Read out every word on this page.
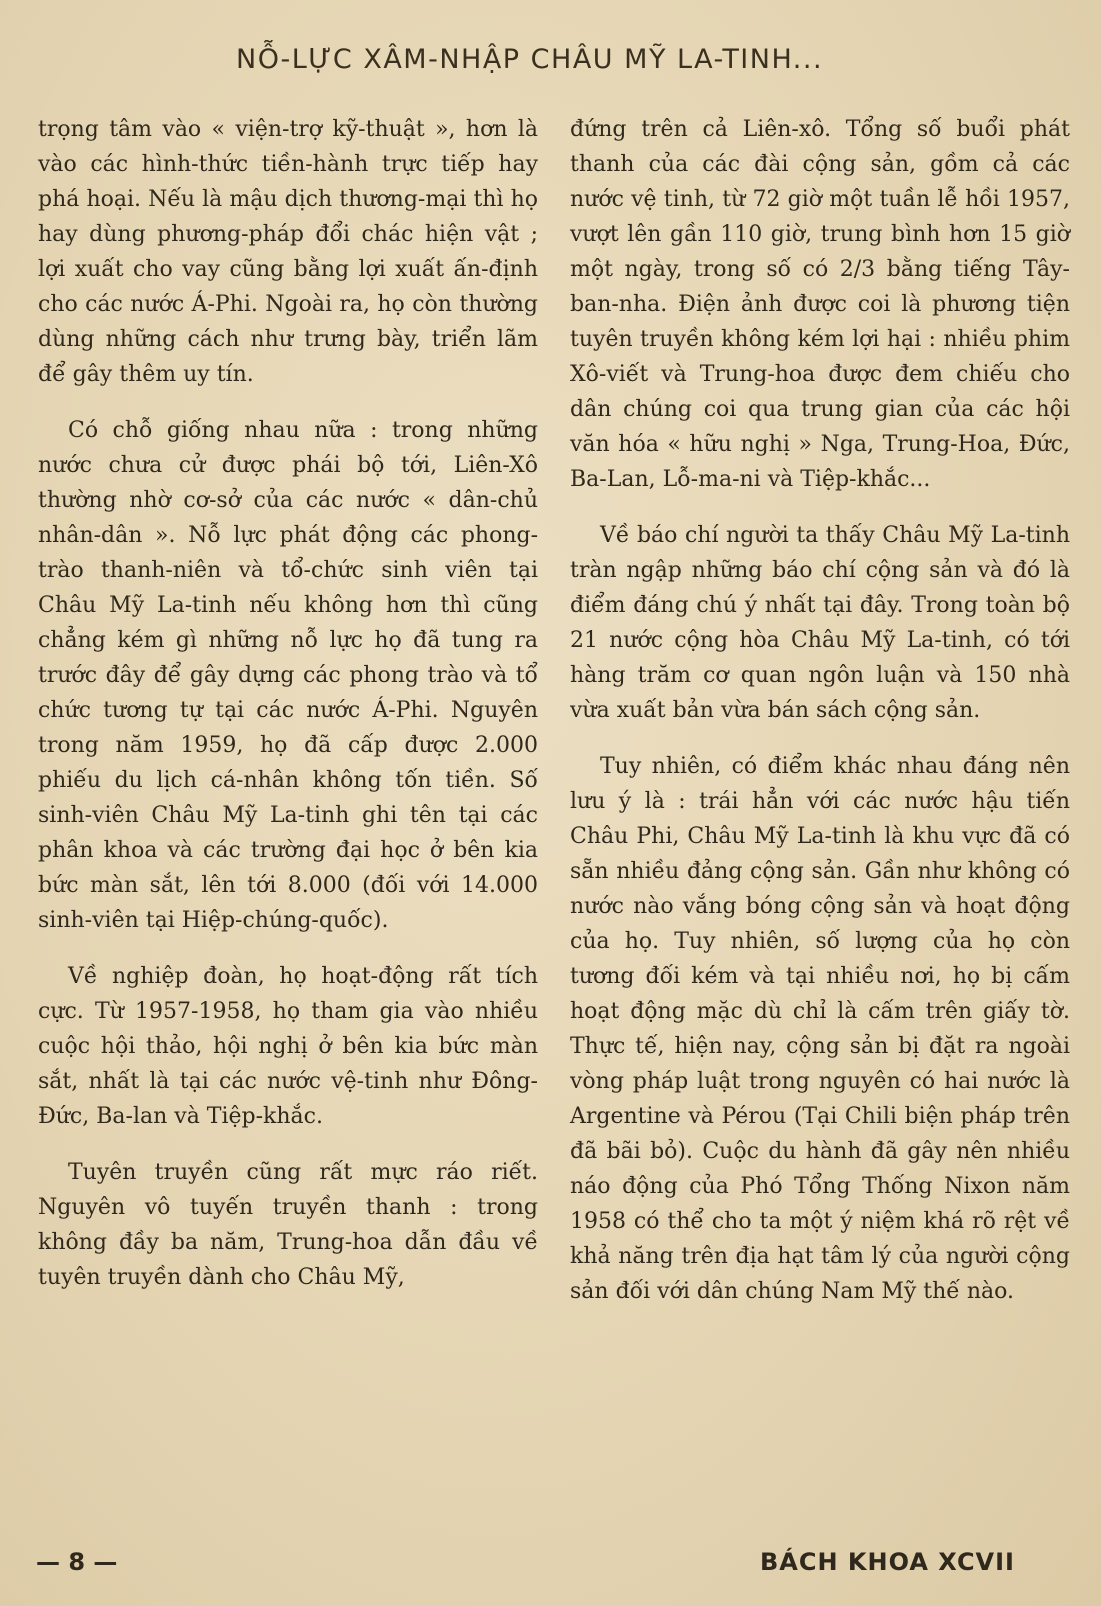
NỖ-LỰC XÂM-NHẬP CHÂU MỸ LA-TINH...

trọng tâm vào « viện-trợ kỹ-thuật », hơn là vào các hình-thức tiền-hành trực tiếp hay phá hoại. Nếu là mậu dịch thương-mại thì họ hay dùng phương-pháp đổi chác hiện vật ; lợi xuất cho vay cũng bằng lợi xuất ấn-định cho các nước Á-Phi. Ngoài ra, họ còn thường dùng những cách như trưng bày, triển lãm để gây thêm uy tín.

Có chỗ giống nhau nữa : trong những nước chưa cử được phái bộ tới, Liên-Xô thường nhờ cơ-sở của các nước « dân-chủ nhân-dân ». Nỗ lực phát động các phong-trào thanh-niên và tổ-chức sinh viên tại Châu Mỹ La-tinh nếu không hơn thì cũng chẳng kém gì những nỗ lực họ đã tung ra trước đây để gây dựng các phong trào và tổ chức tương tự tại các nước Á-Phi. Nguyên trong năm 1959, họ đã cấp được 2.000 phiếu du lịch cá-nhân không tốn tiền. Số sinh-viên Châu Mỹ La-tinh ghi tên tại các phân khoa và các trường đại học ở bên kia bức màn sắt, lên tới 8.000 (đối với 14.000 sinh-viên tại Hiệp-chúng-quốc).

Về nghiệp đoàn, họ hoạt-động rất tích cực. Từ 1957-1958, họ tham gia vào nhiều cuộc hội thảo, hội nghị ở bên kia bức màn sắt, nhất là tại các nước vệ-tinh như Đông-Đức, Ba-lan và Tiệp-khắc.

Tuyên truyền cũng rất mực ráo riết. Nguyên vô tuyến truyền thanh : trong không đầy ba năm, Trung-hoa dẫn đầu về tuyên truyền dành cho Châu Mỹ,

đứng trên cả Liên-xô. Tổng số buổi phát thanh của các đài cộng sản, gồm cả các nước vệ tinh, từ 72 giờ một tuần lễ hồi 1957, vượt lên gần 110 giờ, trung bình hơn 15 giờ một ngày, trong số có 2/3 bằng tiếng Tây-ban-nha. Điện ảnh được coi là phương tiện tuyên truyền không kém lợi hại : nhiều phim Xô-viết và Trung-hoa được đem chiếu cho dân chúng coi qua trung gian của các hội văn hóa « hữu nghị » Nga, Trung-Hoa, Đức, Ba-Lan, Lỗ-ma-ni và Tiệp-khắc...

Về báo chí người ta thấy Châu Mỹ La-tinh tràn ngập những báo chí cộng sản và đó là điểm đáng chú ý nhất tại đây. Trong toàn bộ 21 nước cộng hòa Châu Mỹ La-tinh, có tới hàng trăm cơ quan ngôn luận và 150 nhà vừa xuất bản vừa bán sách cộng sản.

Tuy nhiên, có điểm khác nhau đáng nên lưu ý là : trái hẳn với các nước hậu tiến Châu Phi, Châu Mỹ La-tinh là khu vực đã có sẵn nhiều đảng cộng sản. Gần như không có nước nào vắng bóng cộng sản và hoạt động của họ. Tuy nhiên, số lượng của họ còn tương đối kém và tại nhiều nơi, họ bị cấm hoạt động mặc dù chỉ là cấm trên giấy tờ. Thực tế, hiện nay, cộng sản bị đặt ra ngoài vòng pháp luật trong nguyên có hai nước là Argentine và Pérou (Tại Chili biện pháp trên đã bãi bỏ). Cuộc du hành đã gây nên nhiều náo động của Phó Tổng Thống Nixon năm 1958 có thể cho ta một ý niệm khá rõ rệt về khả năng trên địa hạt tâm lý của người cộng sản đối với dân chúng Nam Mỹ thế nào.

— 8 —	BÁCH KHOA XCVII
